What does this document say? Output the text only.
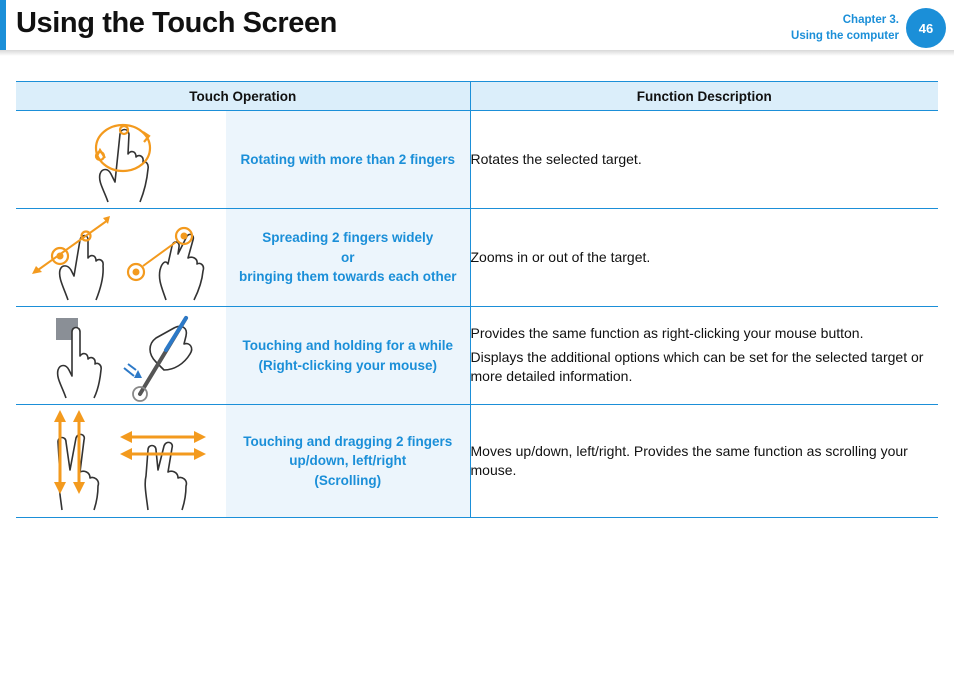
Using the Touch Screen	Chapter 3.
Using the computer
46
Touch Operation		Function Description

Rotating with more than 2 fingers	Rotates the selected target.

Spreading 2 fingers widely
or
bringing them towards each other	Zooms in or out of the target.

Touching and holding for a while
(Right-clicking your mouse)	Provides the same function as right-clicking your mouse button.
Displays the additional options which can be set for the selected target or more detailed information.

Touching and dragging 2 fingers
up/down, left/right
(Scrolling)	Moves up/down, left/right. Provides the same function as scrolling your mouse.
